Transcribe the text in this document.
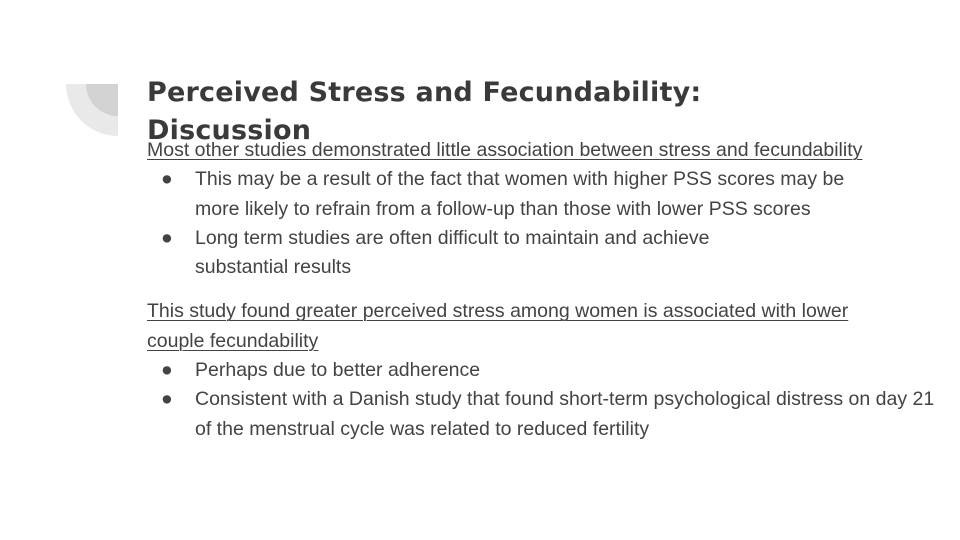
Perceived Stress and Fecundability: Discussion

Most other studies demonstrated little association between stress and fecundability

● This may be a result of the fact that women with higher PSS scores may be more likely to refrain from a follow-up than those with lower PSS scores
● Long term studies are often difficult to maintain and achieve substantial results

This study found greater perceived stress among women is associated with lower couple fecundability

● Perhaps due to better adherence
● Consistent with a Danish study that found short-term psychological distress on day 21 of the menstrual cycle was related to reduced fertility
